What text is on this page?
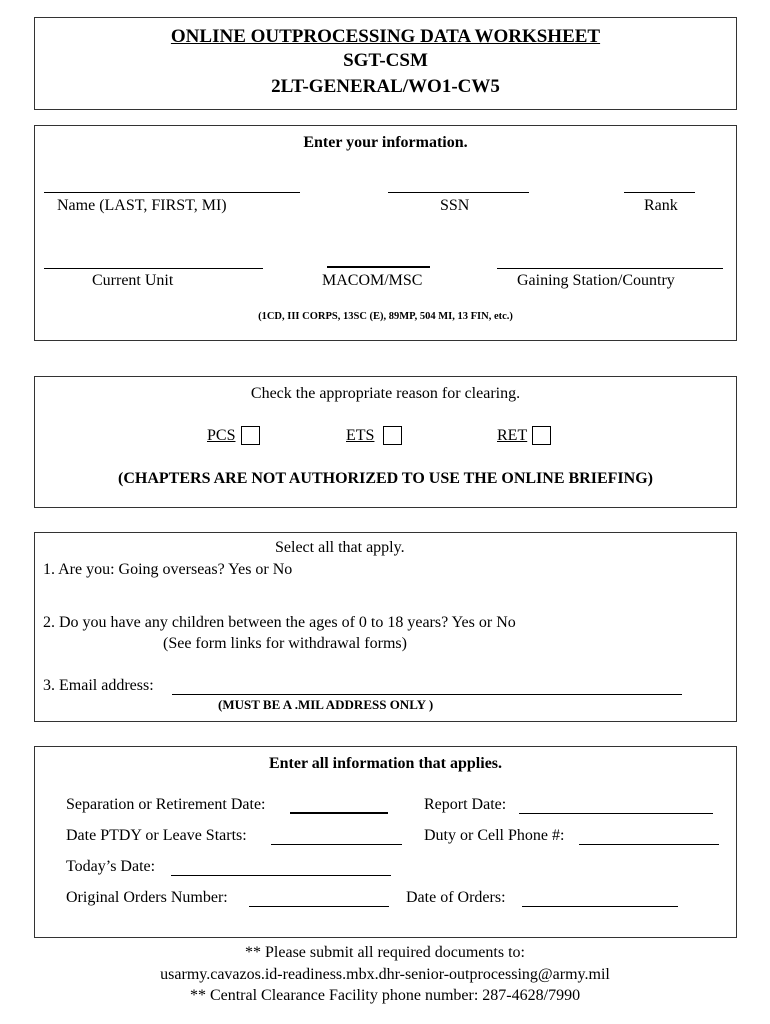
ONLINE OUTPROCESSING DATA WORKSHEET
SGT-CSM
2LT-GENERAL/WO1-CW5
Enter your information.
Name (LAST, FIRST, MI)	SSN	Rank
Current Unit	MACOM/MSC	Gaining Station/Country
(1CD, III CORPS, 13SC (E), 89MP, 504 MI, 13 FIN, etc.)
Check the appropriate reason for clearing.
PCS	ETS	RET
(CHAPTERS ARE NOT AUTHORIZED TO USE THE ONLINE BRIEFING)
Select all that apply.
1. Are you: Going overseas? Yes or No
2. Do you have any children between the ages of 0 to 18 years? Yes or No
(See form links for withdrawal forms)
3. Email address:
(MUST BE A .MIL ADDRESS ONLY )
Enter all information that applies.
Separation or Retirement Date:	Report Date:
Date PTDY or Leave Starts:	Duty or Cell Phone #:
Today’s Date:
Original Orders Number:	Date of Orders:
** Please submit all required documents to:
usarmy.cavazos.id-readiness.mbx.dhr-senior-outprocessing@army.mil
** Central Clearance Facility phone number: 287-4628/7990
